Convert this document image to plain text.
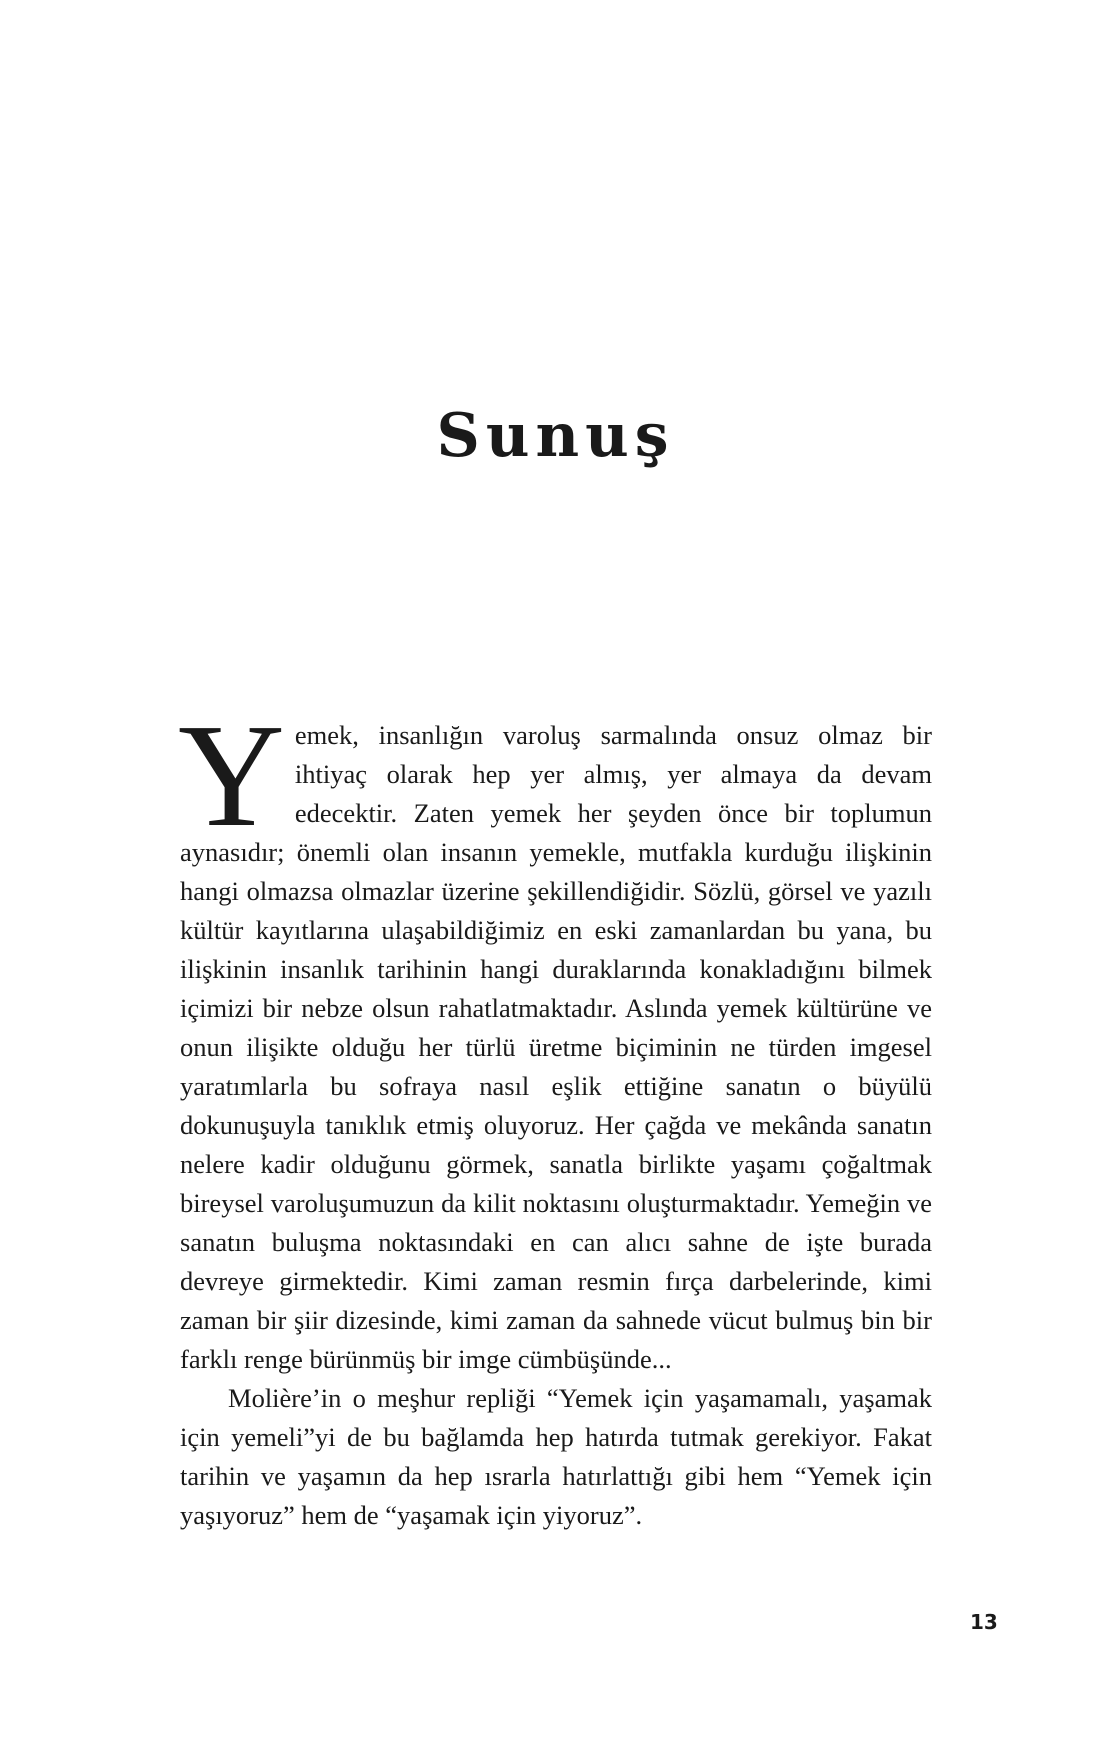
Sunuş

Yemek, insanlığın varoluş sarmalında onsuz olmaz bir ihtiyaç olarak hep yer almış, yer almaya da devam edecektir. Zaten yemek her şeyden önce bir toplumun aynasıdır; önemli olan insanın yemekle, mutfakla kurduğu ilişkinin hangi olmazsa olmazlar üzerine şekillendiğidir. Sözlü, görsel ve yazılı kültür kayıtlarına ulaşabildiğimiz en eski zamanlardan bu yana, bu ilişkinin insanlık tarihinin hangi duraklarında konakladığını bilmek içimizi bir nebze olsun rahatlatmaktadır. Aslında yemek kültürüne ve onun ilişikte olduğu her türlü üretme biçiminin ne türden imgesel yaratımlarla bu sofraya nasıl eşlik ettiğine sanatın o büyülü dokunuşuyla tanıklık etmiş oluyoruz. Her çağda ve mekânda sanatın nelere kadir olduğunu görmek, sanatla birlikte yaşamı çoğaltmak bireysel varoluşumuzun da kilit noktasını oluşturmaktadır. Yemeğin ve sanatın buluşma noktasındaki en can alıcı sahne de işte burada devreye girmektedir. Kimi zaman resmin fırça darbelerinde, kimi zaman bir şiir dizesinde, kimi zaman da sahnede vücut bulmuş bin bir farklı renge bürünmüş bir imge cümbüşünde...

Molière’in o meşhur repliği “Yemek için yaşamamalı, yaşamak için yemeli”yi de bu bağlamda hep hatırda tutmak gerekiyor. Fakat tarihin ve yaşamın da hep ısrarla hatırlattığı gibi hem “Yemek için yaşıyoruz” hem de “yaşamak için yiyoruz”.

13
